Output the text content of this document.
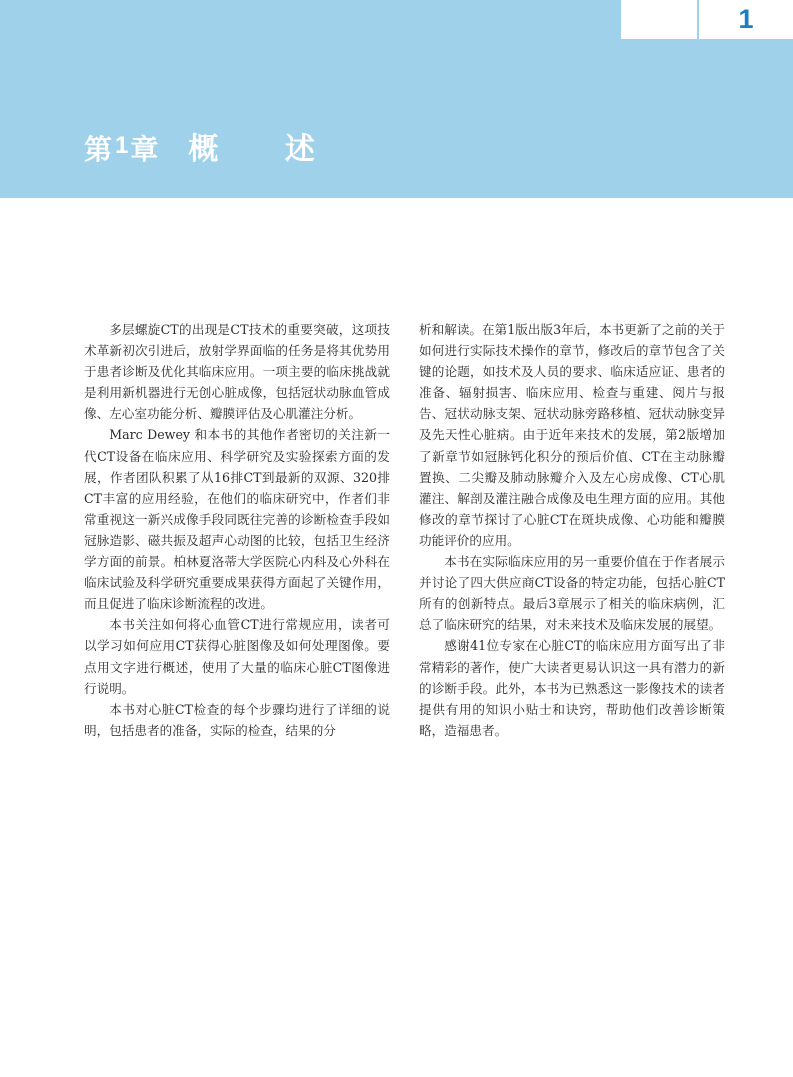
1
第1章 概 述

多层螺旋CT的出现是CT技术的重要突破，这项技术革新初次引进后，放射学界面临的任务是将其优势用于患者诊断及优化其临床应用。一项主要的临床挑战就是利用新机器进行无创心脏成像，包括冠状动脉血管成像、左心室功能分析、瓣膜评估及心肌灌注分析。

Marc Dewey 和本书的其他作者密切的关注新一代CT设备在临床应用、科学研究及实验探索方面的发展，作者团队积累了从16排CT到最新的双源、320排CT丰富的应用经验，在他们的临床研究中，作者们非常重视这一新兴成像手段同既往完善的诊断检查手段如冠脉造影、磁共振及超声心动图的比较，包括卫生经济学方面的前景。柏林夏洛蒂大学医院心内科及心外科在临床试验及科学研究重要成果获得方面起了关键作用，而且促进了临床诊断流程的改进。

本书关注如何将心血管CT进行常规应用，读者可以学习如何应用CT获得心脏图像及如何处理图像。要点用文字进行概述，使用了大量的临床心脏CT图像进行说明。

本书对心脏CT检查的每个步骤均进行了详细的说明，包括患者的准备，实际的检查，结果的分

析和解读。在第1版出版3年后，本书更新了之前的关于如何进行实际技术操作的章节，修改后的章节包含了关键的论题，如技术及人员的要求、临床适应证、患者的准备、辐射损害、临床应用、检查与重建、阅片与报告、冠状动脉支架、冠状动脉旁路移植、冠状动脉变异及先天性心脏病。由于近年来技术的发展，第2版增加了新章节如冠脉钙化积分的预后价值、CT在主动脉瓣置换、二尖瓣及肺动脉瓣介入及左心房成像、CT心肌灌注、解剖及灌注融合成像及电生理方面的应用。其他修改的章节探讨了心脏CT在斑块成像、心功能和瓣膜功能评价的应用。

本书在实际临床应用的另一重要价值在于作者展示并讨论了四大供应商CT设备的特定功能，包括心脏CT所有的创新特点。最后3章展示了相关的临床病例，汇总了临床研究的结果，对未来技术及临床发展的展望。

感谢41位专家在心脏CT的临床应用方面写出了非常精彩的著作，使广大读者更易认识这一具有潜力的新的诊断手段。此外，本书为已熟悉这一影像技术的读者提供有用的知识小贴士和诀窍，帮助他们改善诊断策略，造福患者。
